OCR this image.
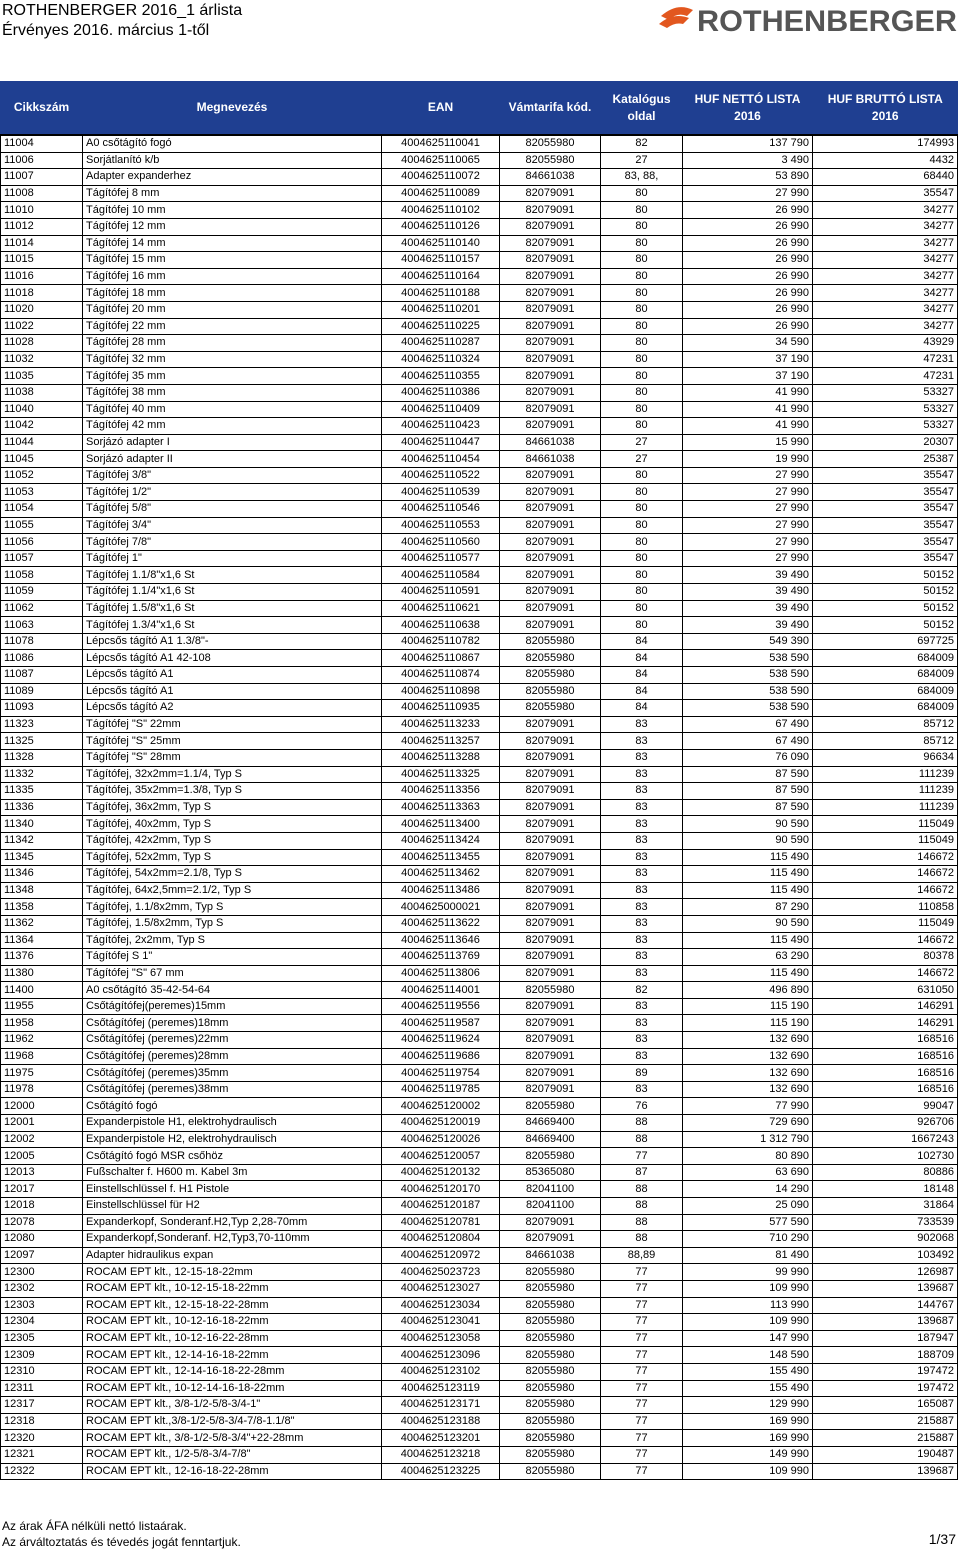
ROTHENBERGER 2016_1 árlista
Érvényes 2016. március 1-től	ROTHENBERGER
Cikkszám	Megnevezés	EAN	Vámtarifa kód.	Katalógus oldal	HUF NETTÓ LISTA 2016	HUF BRUTTÓ LISTA 2016
11004	A0 csőtágító fogó	4004625110041	82055980	82	137 790	174993
11006	Sorjátlanító k/b	4004625110065	82055980	27	3 490	4432
11007	Adapter expanderhez	4004625110072	84661038	83, 88,	53 890	68440
11008	Tágítófej 8 mm	4004625110089	82079091	80	27 990	35547
11010	Tágítófej 10 mm	4004625110102	82079091	80	26 990	34277
11012	Tágítófej 12 mm	4004625110126	82079091	80	26 990	34277
11014	Tágítófej 14 mm	4004625110140	82079091	80	26 990	34277
11015	Tágítófej 15 mm	4004625110157	82079091	80	26 990	34277
11016	Tágítófej 16 mm	4004625110164	82079091	80	26 990	34277
11018	Tágítófej 18 mm	4004625110188	82079091	80	26 990	34277
11020	Tágítófej 20 mm	4004625110201	82079091	80	26 990	34277
11022	Tágítófej 22 mm	4004625110225	82079091	80	26 990	34277
11028	Tágítófej 28 mm	4004625110287	82079091	80	34 590	43929
11032	Tágítófej 32 mm	4004625110324	82079091	80	37 190	47231
11035	Tágítófej 35 mm	4004625110355	82079091	80	37 190	47231
11038	Tágítófej 38 mm	4004625110386	82079091	80	41 990	53327
11040	Tágítófej 40 mm	4004625110409	82079091	80	41 990	53327
11042	Tágítófej 42 mm	4004625110423	82079091	80	41 990	53327
11044	Sorjázó adapter I	4004625110447	84661038	27	15 990	20307
11045	Sorjázó adapter II	4004625110454	84661038	27	19 990	25387
11052	Tágítófej 3/8"	4004625110522	82079091	80	27 990	35547
11053	Tágítófej 1/2"	4004625110539	82079091	80	27 990	35547
11054	Tágítófej 5/8"	4004625110546	82079091	80	27 990	35547
11055	Tágítófej 3/4"	4004625110553	82079091	80	27 990	35547
11056	Tágítófej 7/8"	4004625110560	82079091	80	27 990	35547
11057	Tágítófej 1"	4004625110577	82079091	80	27 990	35547
11058	Tágítófej 1.1/8"x1,6 St	4004625110584	82079091	80	39 490	50152
11059	Tágítófej 1.1/4"x1,6 St	4004625110591	82079091	80	39 490	50152
11062	Tágítófej 1.5/8"x1,6 St	4004625110621	82079091	80	39 490	50152
11063	Tágítófej 1.3/4"x1,6 St	4004625110638	82079091	80	39 490	50152
11078	Lépcsős tágító A1 1.3/8"-	4004625110782	82055980	84	549 390	697725
11086	Lépcsős tágító A1 42-108	4004625110867	82055980	84	538 590	684009
11087	Lépcsős tágító A1	4004625110874	82055980	84	538 590	684009
11089	Lépcsős tágító A1	4004625110898	82055980	84	538 590	684009
11093	Lépcsős tágító A2	4004625110935	82055980	84	538 590	684009
11323	Tágítófej "S" 22mm	4004625113233	82079091	83	67 490	85712
11325	Tágítófej "S" 25mm	4004625113257	82079091	83	67 490	85712
11328	Tágítófej "S" 28mm	4004625113288	82079091	83	76 090	96634
11332	Tágítófej, 32x2mm=1.1/4, Typ S	4004625113325	82079091	83	87 590	111239
11335	Tágítófej, 35x2mm=1.3/8, Typ S	4004625113356	82079091	83	87 590	111239
11336	Tágítófej, 36x2mm, Typ S	4004625113363	82079091	83	87 590	111239
11340	Tágítófej, 40x2mm, Typ S	4004625113400	82079091	83	90 590	115049
11342	Tágítófej, 42x2mm, Typ S	4004625113424	82079091	83	90 590	115049
11345	Tágítófej, 52x2mm, Typ S	4004625113455	82079091	83	115 490	146672
11346	Tágítófej, 54x2mm=2.1/8, Typ S	4004625113462	82079091	83	115 490	146672
11348	Tágítófej, 64x2,5mm=2.1/2, Typ S	4004625113486	82079091	83	115 490	146672
11358	Tágítófej, 1.1/8x2mm, Typ S	4004625000021	82079091	83	87 290	110858
11362	Tágítófej, 1.5/8x2mm, Typ S	4004625113622	82079091	83	90 590	115049
11364	Tágítófej, 2x2mm, Typ S	4004625113646	82079091	83	115 490	146672
11376	Tágítófej S 1"	4004625113769	82079091	83	63 290	80378
11380	Tágítófej "S" 67 mm	4004625113806	82079091	83	115 490	146672
11400	A0 csőtágító 35-42-54-64	4004625114001	82055980	82	496 890	631050
11955	Csőtágítófej(peremes)15mm	4004625119556	82079091	83	115 190	146291
11958	Csőtágítófej (peremes)18mm	4004625119587	82079091	83	115 190	146291
11962	Csőtágítófej (peremes)22mm	4004625119624	82079091	83	132 690	168516
11968	Csőtágítófej (peremes)28mm	4004625119686	82079091	83	132 690	168516
11975	Csőtágítófej (peremes)35mm	4004625119754	82079091	89	132 690	168516
11978	Csőtágítófej (peremes)38mm	4004625119785	82079091	83	132 690	168516
12000	Csőtágító fogó	4004625120002	82055980	76	77 990	99047
12001	Expanderpistole H1, elektrohydraulisch	4004625120019	84669400	88	729 690	926706
12002	Expanderpistole H2, elektrohydraulisch	4004625120026	84669400	88	1 312 790	1667243
12005	Csőtágító fogó MSR csőhöz	4004625120057	82055980	77	80 890	102730
12013	Fußschalter f. H600 m. Kabel 3m	4004625120132	85365080	87	63 690	80886
12017	Einstellschlüssel f. H1 Pistole	4004625120170	82041100	88	14 290	18148
12018	Einstellschlüssel für H2	4004625120187	82041100	88	25 090	31864
12078	Expanderkopf, Sonderanf.H2,Typ 2,28-70mm	4004625120781	82079091	88	577 590	733539
12080	Expanderkopf,Sonderanf. H2,Typ3,70-110mm	4004625120804	82079091	88	710 290	902068
12097	Adapter hidraulikus expan	4004625120972	84661038	88,89	81 490	103492
12300	ROCAM EPT klt., 12-15-18-22mm	4004625023723	82055980	77	99 990	126987
12302	ROCAM EPT klt., 10-12-15-18-22mm	4004625123027	82055980	77	109 990	139687
12303	ROCAM EPT klt., 12-15-18-22-28mm	4004625123034	82055980	77	113 990	144767
12304	ROCAM EPT klt., 10-12-16-18-22mm	4004625123041	82055980	77	109 990	139687
12305	ROCAM EPT klt., 10-12-16-22-28mm	4004625123058	82055980	77	147 990	187947
12309	ROCAM EPT klt., 12-14-16-18-22mm	4004625123096	82055980	77	148 590	188709
12310	ROCAM EPT klt., 12-14-16-18-22-28mm	4004625123102	82055980	77	155 490	197472
12311	ROCAM EPT klt., 10-12-14-16-18-22mm	4004625123119	82055980	77	155 490	197472
12317	ROCAM EPT klt., 3/8-1/2-5/8-3/4-1"	4004625123171	82055980	77	129 990	165087
12318	ROCAM EPT klt.,3/8-1/2-5/8-3/4-7/8-1.1/8"	4004625123188	82055980	77	169 990	215887
12320	ROCAM EPT klt., 3/8-1/2-5/8-3/4"+22-28mm	4004625123201	82055980	77	169 990	215887
12321	ROCAM EPT klt., 1/2-5/8-3/4-7/8"	4004625123218	82055980	77	149 990	190487
12322	ROCAM EPT klt., 12-16-18-22-28mm	4004625123225	82055980	77	109 990	139687
Az árak ÁFA nélküli nettó listaárak.
Az árváltoztatás és tévedés jogát fenntartjuk.	1/37
